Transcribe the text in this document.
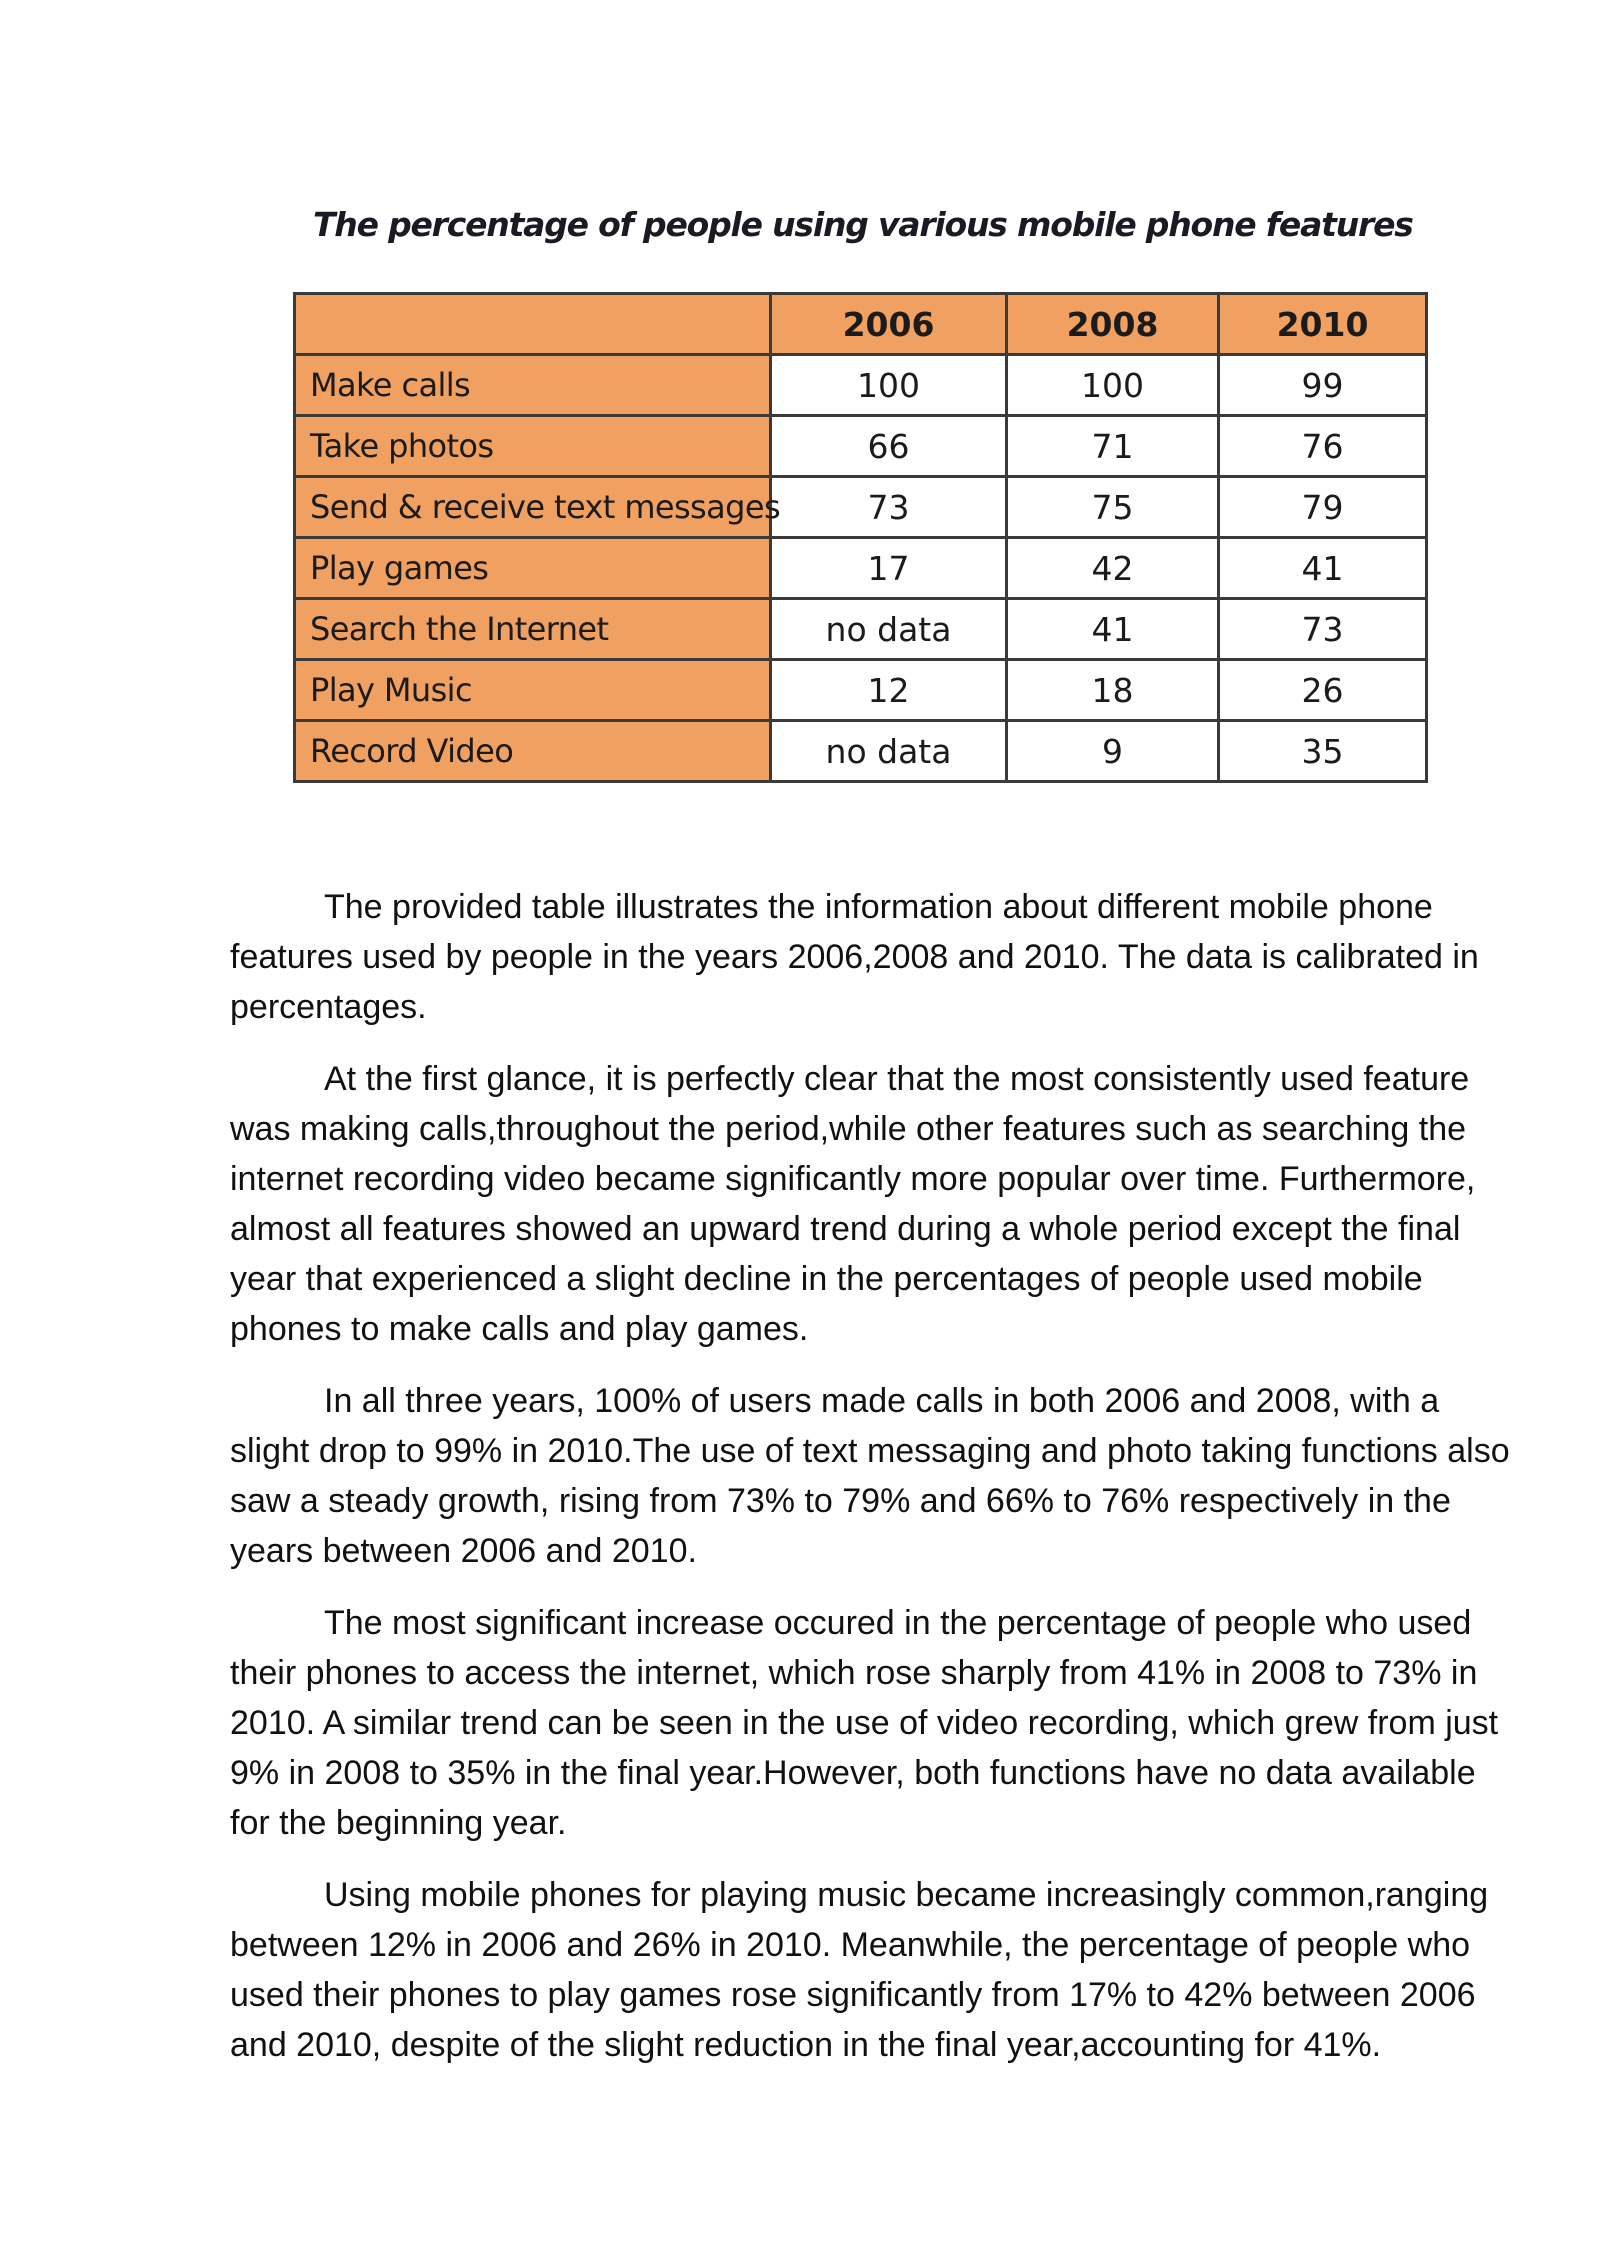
The percentage of people using various mobile phone features
	2006	2008	2010
Make calls	100	100	99
Take photos	66	71	76
Send & receive text messages	73	75	79
Play games	17	42	41
Search the Internet	no data	41	73
Play Music	12	18	26
Record Video	no data	9	35

The provided table illustrates the information about different mobile phone features used by people in the years 2006,2008 and 2010. The data is calibrated in percentages.

At the first glance, it is perfectly clear that the most consistently used feature was making calls,throughout the period,while other features such as searching the internet recording video became significantly more popular over time. Furthermore, almost all features showed an upward trend during a whole period except the final year that experienced a slight decline in the percentages of people used mobile phones to make calls and play games.

In all three years, 100% of users made calls in both 2006 and 2008, with a slight drop to 99% in 2010.The use of text messaging and photo taking functions also saw a steady growth, rising from 73% to 79% and 66% to 76% respectively in the years between 2006 and 2010.

The most significant increase occured in the percentage of people who used their phones to access the internet, which rose sharply from 41% in 2008 to 73% in 2010. A similar trend can be seen in the use of video recording, which grew from just 9% in 2008 to 35% in the final year.However, both functions have no data available for the beginning year.

Using mobile phones for playing music became increasingly common,ranging between 12% in 2006 and 26% in 2010. Meanwhile, the percentage of people who used their phones to play games rose significantly from 17% to 42% between 2006 and 2010, despite of the slight reduction in the final year,accounting for 41%.
